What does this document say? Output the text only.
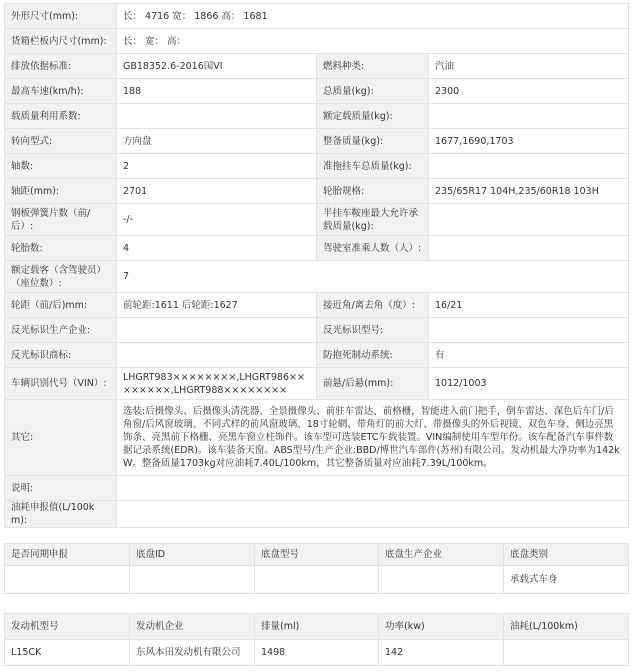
外形尺寸(mm):	长： 4716 宽： 1866 高： 1681		
货箱栏板内尺寸(mm):	长： 宽： 高：		
排放依据标准:	GB18352.6-2016国VI	燃料种类:	汽油
最高车速(km/h):	188	总质量(kg):	2300
载质量利用系数:		额定载质量(kg):	
转向型式:	方向盘	整备质量(kg):	1677,1690,1703
轴数:	2	准拖挂车总质量(kg):	
轴距(mm):	2701	轮胎规格:	235/65R17 104H,235/60R18 103H
钢板弹簧片数（前/后）:	-/-	半挂车鞍座最大允许承载质量(kg):	
轮胎数:	4	驾驶室准乘人数（人）:	
额定载客（含驾驶员）（座位数）:	7		
轮距（前/后)mm:	前轮距:1611 后轮距:1627	接近角/离去角（度）:	16/21
反光标识生产企业:		反光标识型号:	
反光标识商标:		防抱死制动系统:	有
车辆识别代号（VIN）:	LHGRT983××××××××,LHGRT986××××××××,LHGRT988××××××××	前悬/后悬(mm):	1012/1003
其它:	选装:后摄像头、后摄像头清洗器、全景摄像头、前驻车雷达、前格栅，智能进入前门把手，倒车雷达、深色后车门/后角窗/后风窗玻璃、不同式样的前风窗玻璃、18寸轮辋、带角灯的前大灯、带摄像头的外后视镜、双色车身、侧边亮黑饰条、亮黑前下格栅、亮黑车窗立柱饰件。该车型可选装ETC车载装置。VIN编制使用车型年份。该车配备汽车事件数据记录系统(EDR)。该车装备天窗。ABS型号/生产企业:BBD/博世汽车部件(苏州)有限公司。发动机最大净功率为142kW。整备质量1703kg对应油耗7.40L/100km，其它整备质量对应油耗7.39L/100km。		
说明:			
油耗申报值(L/100km):			
是否同期申报	底盘ID	底盘型号	底盘生产企业	底盘类别
				承载式车身
发动机型号	发动机企业	排量(ml)	功率(kw)	油耗(L/100km)
L15CK	东风本田发动机有限公司	1498	142	
